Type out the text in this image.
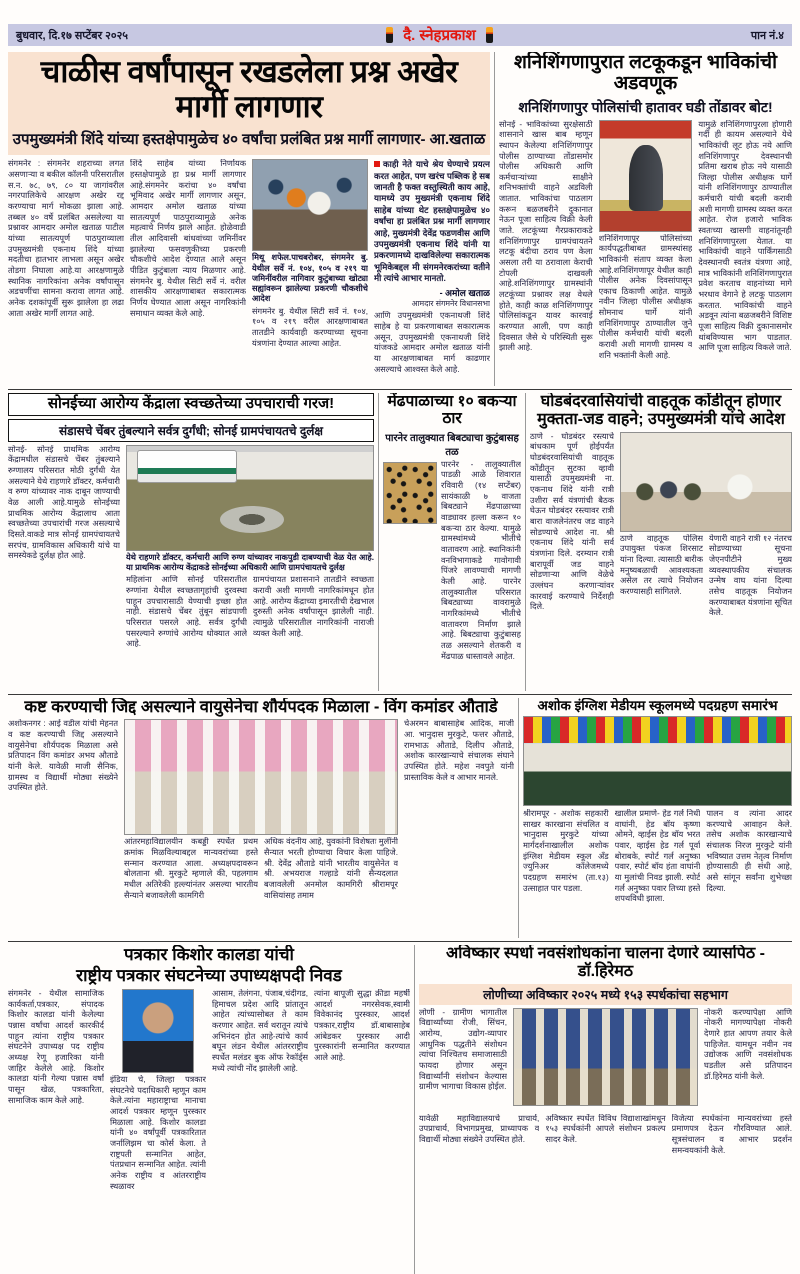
बुधवार, दि.१७ सप्टेंबर २०२५	दै. स्नेहप्रकाश	पान नं.४
चाळीस वर्षांपासून रखडलेला प्रश्न अखेर मार्गी लागणार
उपमुख्यमंत्री शिंदे यांच्या हस्तक्षेपामुळेच ४० वर्षांचा प्रलंबित प्रश्न मार्गी लागणार- आ.खताळ
संगमनेर : संगमनेर शहराच्या लगत असणाऱ्या व बकील कॉलनी परिसरातील स.न. ७८, ७९, ८० या जागांवरील नगरपालिकेचे आरक्षण अखेर रद्द करण्याचा मार्ग मोकळा झाला आहे. तब्बल ४० वर्षे प्रलंबित असलेल्या या प्रश्नावर आमदार अमोल खताळ पाटील यांच्या सातत्यपूर्ण पाठपुराव्याला उपमुख्यमंत्री एकनाथ शिंदे यांच्या मदतीचा हातभार लाभला असून अखेर तोडगा निघाला आहे.या आरक्षणामुळे स्थानिक नागरिकांना अनेक वर्षांपासून अडचणींचा सामना करावा लागत आहे. अनेक दशकांपूर्वी सुरू झालेला हा लढा आता अखेर मार्गी लागत आहे.
शिंदे साहेब यांच्या निर्णायक हस्तक्षेपामुळे हा प्रश्न मार्गी लागणार आहे.संगमनेर करांचा ४० वर्षांचा भूमिवाद अखेर मार्गी लागणार असून, आमदार अमोल खताळ यांच्या सातत्यपूर्ण पाठपुराव्यामुळे अनेक महत्वाचे निर्णय झाले आहेत. होळेवाडी तील आदिवासी बांधवांच्या जमिनींवर झालेल्या फसवणुकीच्या प्रकरणी चौकशीचे आदेश देण्यात आले असून पीडित कुटुंबाला न्याय मिळणार आहे. संगमनेर बु. येथील सिटी सर्वे नं. वरील शासकीय आरक्षणाबाबत सकारात्मक निर्णय घेण्यात आला असून नागरिकांनी समाधान व्यक्त केले आहे.
मिथू शफेल.पाचबरोबर, संगमनेर बु. येथील सर्वे नं. १०४, १०५ व २१९ या जमिनींवरील नागिवार कुटुंबाच्या खोट्या सह्यांवरून झालेल्या प्रकरणी चौकशीचे आदेश
संगमनेर बु. येथील सिटी सर्वे नं. १०४, १०५ व २१९ वरील आरक्षणाबाबत तातडीने कार्यवाही करण्याच्या सूचना यंत्रणांना देण्यात आल्या आहेत.
काही नेते याचे श्रेय घेण्याचे प्रयत्न करत आहेत, पण खरंच पब्लिक हे सब जानती है फक्त वस्तुस्थिती काय आहे, यामध्ये उप मुख्यमंत्री एकनाथ शिंदे साहेब यांच्या थेट हस्तक्षेपामुळेच ४० वर्षांचा हा प्रलंबित प्रश्न मार्गी लागणार आहे, मुख्यमंत्री देवेंद्र फडणवीस आणि उपमुख्यमंत्री एकनाथ शिंदे यांनी या प्रकरणामध्ये दाखविलेल्या सकारात्मक भूमिकेबद्दल मी संगमनेरकरांच्या वतीने मी त्यांचे आभार मानतो.
- अमोल खताळ
आमदार संगमनेर विधानसभा
आणि उपमुख्यमंत्री एकनाथजी शिंदे साहेब हे या प्रकरणाबाबत सकारात्मक असून, उपमुख्यमंत्री एकनाथजी शिंदे यांजकडे आमदार अमोल खताळ यांनी या आरक्षणाबाबत मार्ग काढणार असल्याचे आश्वस्त केले आहे.
शनिशिंगणापुरात लटकूकडून भाविकांची अडवणूक
शनिशिंगणापुर पोलिसांची हातावर घडी तोंडावर बोट!
सोनई - भाविकांच्या सुरक्षेसाठी शासनाने खास बाब म्हणून स्थापन केलेल्या शनिशिंगणापुर पोलीस ठाण्याच्या तोंडासमोर पोलीस अधिकारी आणि कर्मचाऱ्यांच्या साक्षीने शनिभक्तांची वाहने अडविली जातात. भाविकांचा पाठलाग करून बळजबरीने दुकानात नेऊन पूजा साहित्य विक्री केली जाते. लटकूंच्या गैरप्रकाराकडे शनिशिंगणापुर ग्रामपंचायतने लटकू बंदीचा ठराव पण केला असला तरी या ठरावाला केराची टोपली दाखवली आहे.शनिशिंगणापुर ग्रामस्थांनी लटकूंच्या प्रश्नावर लक्ष वेधले होते, काही काळ शनिशिंगणापुर पोलिसांकडून यावर कारवाई करण्यात आली, पण काही दिवसात जैसे थे परिस्थिती सुरू झाली आहे.
शनिशिंगणापूर पोलिसांच्या कार्यपद्धतीबाबत ग्रामस्थांसह भाविकांनी संताप व्यक्त केला आहे.शनिशिंगणापूर येथील काही पोलीस अनेक दिवसांपासून एकाच ठिकाणी आहेत. यामुळे नवीन जिल्हा पोलीस अधीक्षक सोमनाथ घार्गे यांनी शनिशिंगणापुर ठाण्यातील जुने पोलीस कर्मचारी यांची बदली करावी अशी मागणी ग्रामस्थ व शनि भक्तांनी केली आहे.
यामुळे शनिशिंगणापुरला होणारी गर्दी ही कायम असल्याने येथे भाविकांची लूट होऊ नये आणि शनिशिंगणापुर देवस्थानची प्रतिमा खराब होऊ नये यासाठी जिल्हा पोलीस अधीक्षक घार्गे यांनी शनिशिंगणापुर ठाण्यातील कर्मचारी यांची बदली करावी अशी मागणी ग्रामस्थ व्यक्त करत आहेत. रोज हजारो भाविक स्वतःच्या खासगी वाहनांतूनही शनिशिंगणापुरला येतात. या भाविकांची वाहने पार्किंगसाठी देवस्थानची स्वतंत्र यंत्रणा आहे, मात्र भाविकांनी शनिशिंगणापुरात प्रवेश करताच वाहनांच्या मागे भरधाव वेगाने हे लटकू पाठलाग करतात. भाविकांची वाहने अडवून त्यांना बळजबरीने विशिष्ट पूजा साहित्य विक्री दुकानासमोर थांबविण्यास भाग पाडतात. आणि पूजा साहित्य विकले जाते.
सोनईच्या आरोग्य केंद्राला स्वच्छतेच्या उपचाराची गरज!
संडासचे चेंबर तुंबल्याने सर्वत्र दुर्गंधी; सोनई ग्रामपंचायतचे दुर्लक्ष
सोनई- सोनई प्राथमिक आरोग्य केंद्रामधील संडासचे चेंबर तुंबल्याने रुग्णालय परिसरात मोठी दुर्गंधी येत असल्याने येथे राहणारे डॉक्टर, कर्मचारी व रुग्ण यांच्यावर नाक दाबून जाण्याची वेळ आली आहे.यामुळे सोनईच्या प्राथमिक आरोग्य केंद्रालाच आता स्वच्छतेच्या उपचारांची गरज असल्याचे दिसते.वाकडे मात्र सोनई ग्रामपंचायतचे सरपंच, ग्रामविकास अधिकारी यांचे या समस्येकडे दुर्लक्ष होत आहे.	येथे राहणारे डॉक्टर, कर्मचारी आणि रुग्ण यांच्यावर नाकपुडी दाबण्याची वेळ येत आहे. या प्राथमिक आरोग्य केंद्राकडे सोनईच्या अधिकारी आणि ग्रामपंचायतचे दुर्लक्ष
महिलांना आणि सोनई परिसरातील रुग्णांना येथील स्वच्छतागृहांची दुरवस्था पाहून उपचारासाठी येण्याची इच्छा होत नाही. संडासचे चेंबर तुंबून सांडपाणी परिसरात पसरले आहे. सर्वत्र दुर्गंधी पसरल्याने रुग्णांचे आरोग्य धोक्यात आले आहे.
ग्रामपंचायत प्रशासनाने तातडीने स्वच्छता करावी अशी मागणी नागरिकांमधून होत आहे. आरोग्य केंद्राच्या इमारतीची देखभाल दुरुस्ती अनेक वर्षांपासून झालेली नाही. त्यामुळे परिसरातील नागरिकांनी नाराजी व्यक्त केली आहे.
मेंढपाळाच्या १० बकऱ्या ठार
पारनेर तालुक्यात बिबट्याचा कुटुंबासह तळ
पारनेर - तालुक्यातील पाडळी आळे शिवारात रविवारी (१४ सप्टेंबर) सायंकाळी ७ वाजता बिबट्याने मेंढपाळाच्या वाड्यावर हल्ला करून १० बकऱ्या ठार केल्या. यामुळे ग्रामस्थांमध्ये भीतीचे वातावरण आहे. स्थानिकांनी वनविभागाकडे गावोगावी पिंजरे लावण्याची मागणी केली आहे. पारनेर तालुक्यातील परिसरात बिबट्याच्या वावरामुळे नागरिकांमध्ये भीतीचे वातावरण निर्माण झाले आहे. बिबट्याचा कुटुंबासह तळ असल्याने शेतकरी व मेंढपाळ धास्तावले आहेत.
घोडबंदरवासियांची वाहतूक कोंडीतून होणार मुक्तता-जड वाहने; उपमुख्यमंत्री यांचे आदेश
ठाणे - घोडबंदर रस्त्याचे बांधकाम पूर्ण होईपर्यंत घोडबंदरवासियांची वाहतूक कोंडीतून सुटका व्हावी यासाठी उपमुख्यमंत्री ना. एकनाथ शिंदे यांनी रात्री उशीरा सर्व यंत्रणांची बैठक घेऊन घोडबंदर रस्त्यावर रात्री बारा वाजलेनंतरच जड वाहने सोडण्याचे आदेश ना. श्री एकनाथ शिंदे यांनी सर्व यंत्रणांना दिले. दरम्यान रात्री बारापूर्वी जड वाहने सोडणाऱ्या आणि वेळेचे उल्लंघन करणाऱ्यांवर कारवाई करण्याचे निर्देशही दिले.
ठाणे वाहतूक पोलिस उपायुक्त पंकज शिरसाट यांना दिल्या. त्यासाठी बारीक मनुष्यबळाची आवश्यकता असेल तर त्याचे नियोजन करण्यासही सांगितले.
येणारी वाहने रात्री १२ नंतरच सोडण्याच्या सूचना जेएनपीटीने मुख्य व्यवस्थापकीय संचालक उन्मेष वाघ यांना दिल्या तसेच वाहतूक नियोजन करण्याबाबत यंत्रणांना सूचित केले.
कष्ट करण्याची जिद्द असल्याने वायुसेनेचा शौर्यपदक मिळाला - विंग कमांडर औताडे
अशोकनगर : आई वडील यांची मेहनत व कष्ट करण्याची जिद्द असल्याने वायुसेनेचा शौर्यपदक मिळाला असे प्रतिपादन विंग कमांडर अभय औताडे यांनी केले. यावेळी माजी सैनिक, ग्रामस्थ व विद्यार्थी मोठ्या संख्येने उपस्थित होते.
आंतरमहाविद्यालयीन कबड्डी स्पर्धेत प्रथम क्रमांक मिळविल्याबद्दल मान्यवरांच्या हस्ते सन्मान करण्यात आला. अध्यक्षपदावरून बोलताना श्री. मुरकुटे म्हणाले की, पहलगाम मधील अतिरेकी हल्ल्यांनंतर असल्या भारतीय सैन्याने बजावलेली कामगिरी
अधिक वंदनीय आहे, युवकांनी विशेषतः मुलींनी सैन्यात भरती होण्याचा विचार केला पाहिजे. श्री. देवेंद्र औताडे यांनी भारतीय वायुसेनेत व श्री. अभयराज गल्हाडे यांनी सैन्यदलात बजावलेली अनमोल कामगिरी श्रीरामपूर वासियांसह तमाम
चेअरमन बाबासाहेब आदिक, माजी आ. भानुदास मुरकुटे, फत्तर औताडे, रामभाऊ औताडे, दिलीप औताडे, अशोक कारखान्याचे संचालक संघाने उपस्थित होते. महेश नवपुते यांनी प्रास्ताविक केले व आभार मानले.
अशोक इंग्लिश मेडीयम स्कूलमध्ये पदग्रहण समारंभ
श्रीरामपूर - अशोक सहकारी साखर कारखाना संचलित व भानुदास मुरकुटे यांच्या मार्गदर्शनाखालील अशोक इंग्लिश मेडीयम स्कूल अँड ज्युनिअर कॉलेजमध्ये पदग्रहण समारंभ (ता.१३) उत्साहात पार पडला.
खालील प्रमाणे- हेड गर्ल निधी वाघांनी, हेड बॉय कृष्णा ओमने, व्हाईस हेड बॉय भरत पवार, व्हाईस हेड गर्ल पूर्वा बोराबके, स्पोर्ट गर्ल अनुष्का पवार, स्पोर्ट बॉय हंता वाघांनी या मुलांची निवड झाली. स्पोर्ट गर्ल अनुष्का पवार तिच्या हस्ते शपथविधी झाला.
पालन व त्यांना आदर करण्याचे आवाहन केले. तसेच अशोक कारखान्याचे संचालक निरज मुरकुटे यांनी भविष्यात उत्तम नेतृत्व निर्माण होण्यासाठी ही संधी आहे, असे सांगून सर्वांना शुभेच्छा दिल्या.
पत्रकार किशोर कालडा यांची
राष्ट्रीय पत्रकार संघटनेच्या उपाध्यक्षपदी निवड
संगमनेर - येथील सामाजिक कार्यकर्ता,पत्रकार, संपादक किशोर कालडा यांनी केलेल्या पन्नास वर्षांचा आदर्श कारकीर्द पाहून त्यांना राष्ट्रीय पत्रकार संघटनेने उपाध्यक्ष पद राष्ट्रीय अध्यक्ष रेणू हजारिका यांनी जाहिर केलेले आहे. किशोर कालडा यांनी गेल्या पन्नास वर्षां पासून खेळ, पत्रकारिता, सामाजिक काम केले आहे.
इंडिया चे, जिल्हा पत्रकार संघटनेचे पदाधिकारी म्हणून काम केले.त्यांना महाराष्ट्राचा मानाचा आदर्श पत्रकार म्हणून पुरस्कार मिळाला आहे. किशोर कालडा यांनी ४० वर्षांपूर्वी पत्रकारितात जर्नालिझम चा कोर्स केला. ते राष्ट्रपती सन्मानित आहेत, पंतप्रधान सन्मानित आहेत. त्यांनी अनेक राष्ट्रीय व आंतरराष्ट्रीय स्थळावर
आसाम, तेलंगना, पंजाब,चंदीगड, हिमाचल प्रदेश आदि प्रांतातून आहेत त्यांच्यासोबत ते काम करणार आहेत. सर्व थरातून त्यांचे अभिनंदन होत आहे-त्यांचे कार्य बघून लंडन येथील आंतरराष्ट्रीय स्पर्धेत मलंडर बुक ऑफ रेकॉर्ड्स मध्ये त्यांची नोंद झालेली आहे.
त्यांना बापूजी सुद्धा क्रीडा महर्षी आदर्श नगरसेवक,स्वामी विवेकानंद पुरस्कार, आदर्श पत्रकार,राष्ट्रीय डॉ.बाबासाहेब आंबेडकर पुरस्कार आदी पुरस्कारांनी सन्मानित करण्यात आले आहे.
अविष्कार स्पर्धा नवसंशोधकांना चालना देणारे व्यासपिठ - डॉ.हिरेमठ
लोणीच्या अविष्कार २०२५ मध्ये १५३ स्पर्धकांचा सहभाग
लोणी - ग्रामीण भागातील विद्यार्थ्यांच्या रोजी, सिंचन, आरोग्य, उद्योग-व्यापार आधुनिक पद्धतीने संशोधन त्यांचा निश्चितच समाजासाठी फायदा होणार असून विद्यार्थ्यांनी संशोधन केल्यास ग्रामीण भागाचा विकास होईल.
नोकरी करण्यापेक्षा आणि नोकरी मागण्यापेक्षा नोकरी देणारे हात आपण तयार केले पाहिजेत. यामधून नवीन नव उद्योजक आणि नवसंशोधक घडतील असे प्रतिपादन डॉ.हिरेमठ यांनी केले.
यावेळी महाविद्यालयाचे प्राचार्य, उपप्राचार्य, विभागप्रमुख, प्राध्यापक व विद्यार्थी मोठ्या संख्येने उपस्थित होते.
अविष्कार स्पर्धेत विविध विद्याशाखांमधून १५३ स्पर्धकांनी आपले संशोधन प्रकल्प सादर केले.
विजेत्या स्पर्धकांना मान्यवरांच्या हस्ते प्रमाणपत्र देऊन गौरविण्यात आले. सूत्रसंचालन व आभार प्रदर्शन समन्वयकांनी केले.
